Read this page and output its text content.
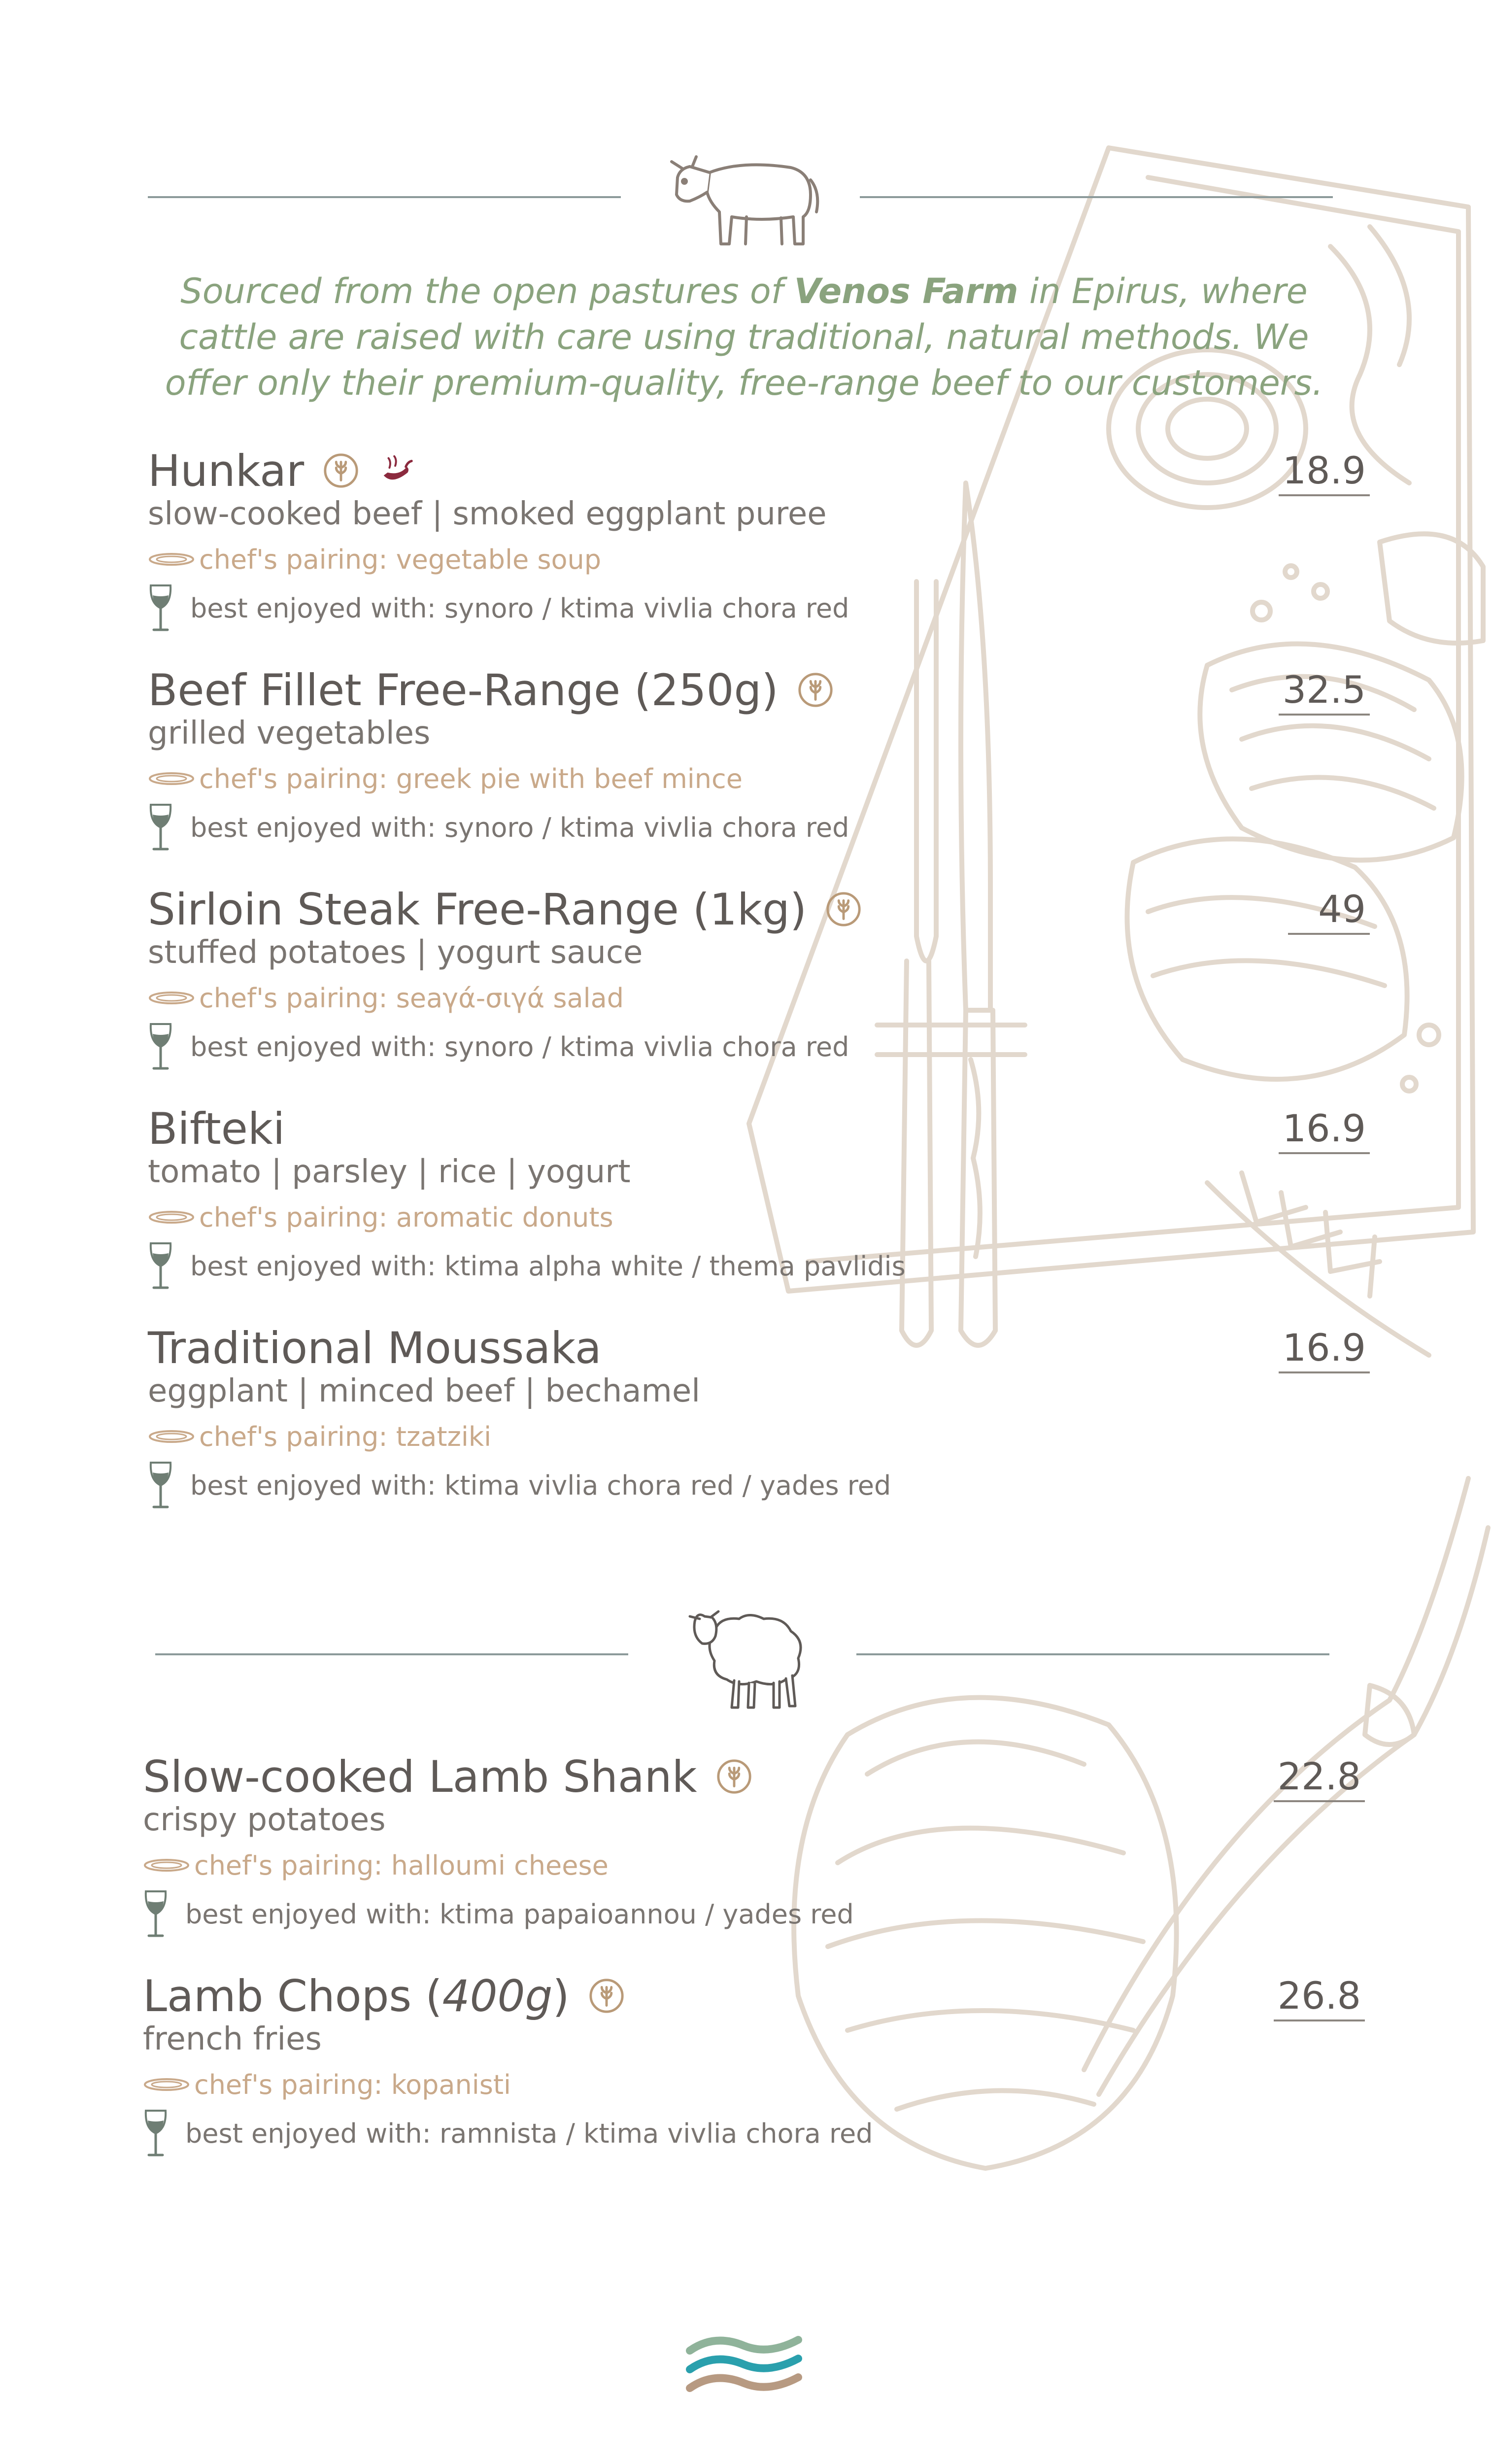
Sourced from the open pastures of Venos Farm in Epirus, where cattle are raised with care using traditional, natural methods. We offer only their premium-quality, free-range beef to our customers.
Hunkar	18.9
slow-cooked beef | smoked eggplant puree
chef's pairing: vegetable soup
best enjoyed with: synoro / ktima vivlia chora red
Beef Fillet Free-Range (250g)	32.5
grilled vegetables
chef's pairing: greek pie with beef mince
best enjoyed with: synoro / ktima vivlia chora red
Sirloin Steak Free-Range (1kg)	49
stuffed potatoes | yogurt sauce
chef's pairing: seaγά-σιγά salad
best enjoyed with: synoro / ktima vivlia chora red
Bifteki	16.9
tomato | parsley | rice | yogurt
chef's pairing: aromatic donuts
best enjoyed with: ktima alpha white / thema pavlidis
Traditional Moussaka	16.9
eggplant | minced beef | bechamel
chef's pairing: tzatziki
best enjoyed with: ktima vivlia chora red / yades red
Slow-cooked Lamb Shank	22.8
crispy potatoes
chef's pairing: halloumi cheese
best enjoyed with: ktima papaioannou / yades red
Lamb Chops (400g)	26.8
french fries
chef's pairing: kopanisti
best enjoyed with: ramnista / ktima vivlia chora red
